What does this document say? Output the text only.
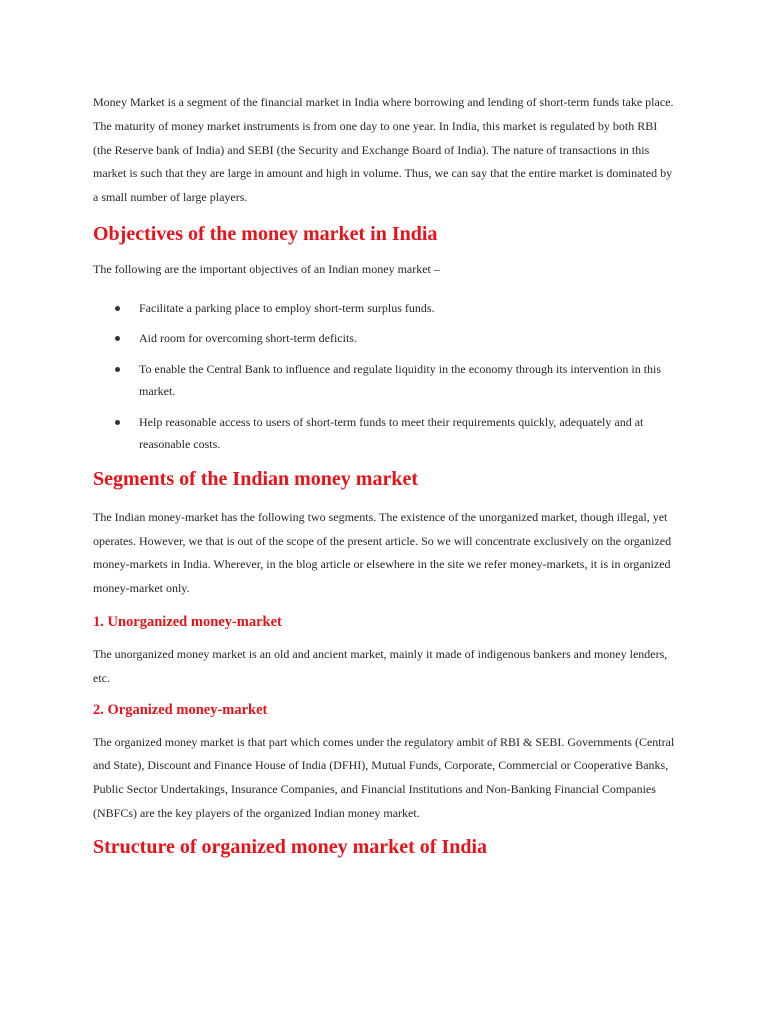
Money Market is a segment of the financial market in India where borrowing and lending of short-term funds take place. The maturity of money market instruments is from one day to one year. In India, this market is regulated by both RBI (the Reserve bank of India) and SEBI (the Security and Exchange Board of India). The nature of transactions in this market is such that they are large in amount and high in volume. Thus, we can say that the entire market is dominated by a small number of large players.

Objectives of the money market in India

The following are the important objectives of an Indian money market –

Facilitate a parking place to employ short-term surplus funds.
Aid room for overcoming short-term deficits.
To enable the Central Bank to influence and regulate liquidity in the economy through its intervention in this market.
Help reasonable access to users of short-term funds to meet their requirements quickly, adequately and at reasonable costs.
Segments of the Indian money market

The Indian money-market has the following two segments. The existence of the unorganized market, though illegal, yet operates. However, we that is out of the scope of the present article. So we will concentrate exclusively on the organized money-markets in India. Wherever, in the blog article or elsewhere in the site we refer money-markets, it is in organized money-market only.

1. Unorganized money-market

The unorganized money market is an old and ancient market, mainly it made of indigenous bankers and money lenders, etc.

2. Organized money-market

The organized money market is that part which comes under the regulatory ambit of RBI & SEBI. Governments (Central and State), Discount and Finance House of India (DFHI), Mutual Funds, Corporate, Commercial or Cooperative Banks, Public Sector Undertakings, Insurance Companies, and Financial Institutions and Non-Banking Financial Companies (NBFCs) are the key players of the organized Indian money market.

Structure of organized money market of India
